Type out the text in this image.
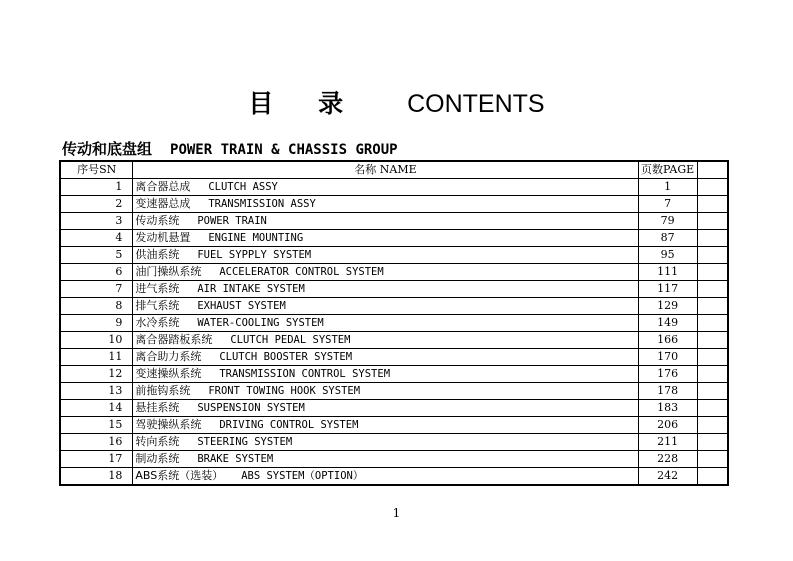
目 录 CONTENTS
传动和底盘组 POWER TRAIN & CHASSIS GROUP
序号SN	名称 NAME	页数PAGE	
1	离合器总成 CLUTCH ASSY	1	
2	变速器总成 TRANSMISSION ASSY	7	
3	传动系统 POWER TRAIN	79	
4	发动机悬置 ENGINE MOUNTING	87	
5	供油系统 FUEL SYPPLY SYSTEM	95	
6	油门操纵系统 ACCELERATOR CONTROL SYSTEM	111	
7	进气系统 AIR INTAKE SYSTEM	117	
8	排气系统 EXHAUST SYSTEM	129	
9	水冷系统 WATER-COOLING SYSTEM	149	
10	离合器踏板系统 CLUTCH PEDAL SYSTEM	166	
11	离合助力系统 CLUTCH BOOSTER SYSTEM	170	
12	变速操纵系统 TRANSMISSION CONTROL SYSTEM	176	
13	前拖钩系统 FRONT TOWING HOOK SYSTEM	178	
14	悬挂系统 SUSPENSION SYSTEM	183	
15	驾驶操纵系统 DRIVING CONTROL SYSTEM	206	
16	转向系统 STEERING SYSTEM	211	
17	制动系统 BRAKE SYSTEM	228	
18	ABS系统（选装） ABS SYSTEM（OPTION）	242	
1
